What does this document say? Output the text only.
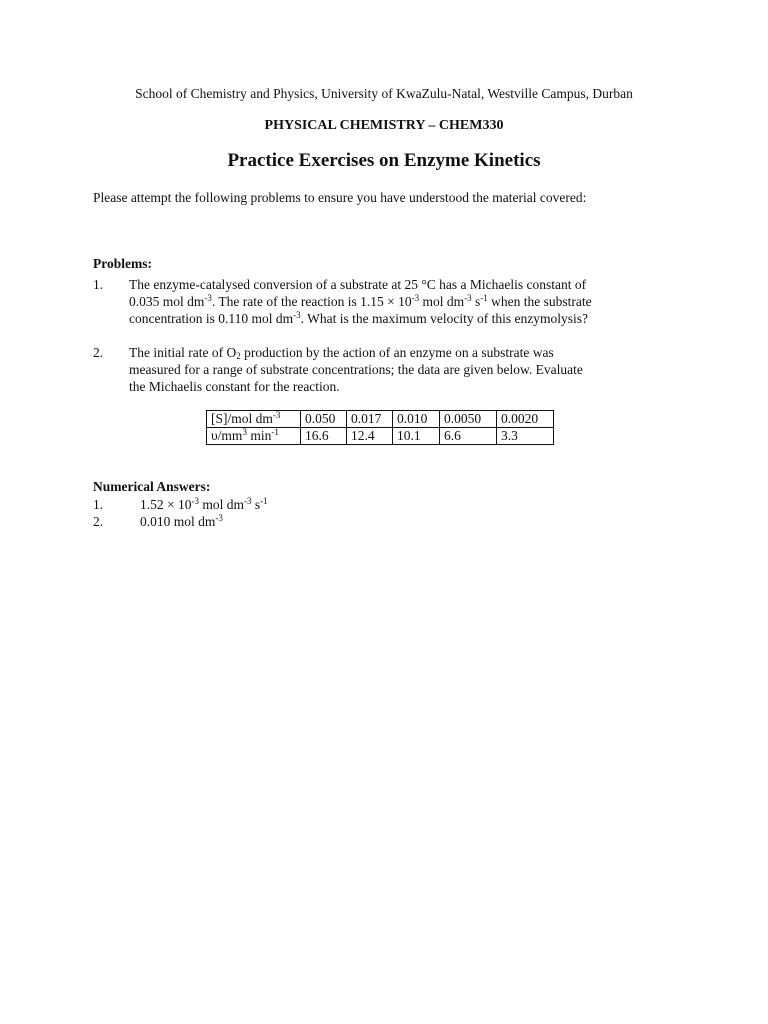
School of Chemistry and Physics, University of KwaZulu-Natal, Westville Campus, Durban
PHYSICAL CHEMISTRY – CHEM330
Practice Exercises on Enzyme Kinetics
Please attempt the following problems to ensure you have understood the material covered:
Problems:
1. The enzyme-catalysed conversion of a substrate at 25 °C has a Michaelis constant of
0.035 mol $dm^{-3}$. The rate of the reaction is $1.15 \times 10^{-3}$ mol $dm^{-3}$ $s^{-1}$ when the substrate
concentration is 0.110 mol $dm^{-3}$. What is the maximum velocity of this enzymolysis?
2. The initial rate of $O_2$ production by the action of an enzyme on a substrate was
measured for a range of substrate concentrations; the data are given below. Evaluate
the Michaelis constant for the reaction.
[S]/mol $dm^{-3}$	0.050	0.017	0.010	0.0050	0.0020
$\upsilon/mm^3$ $\min^{-1}$	16.6	12.4	10.1	6.6	3.3
Numerical Answers:
1.	$1.52 \times 10^{-3}$ mol $dm^{-3}$ $s^{-1}$
2.	0.010 mol $dm^{-3}$
